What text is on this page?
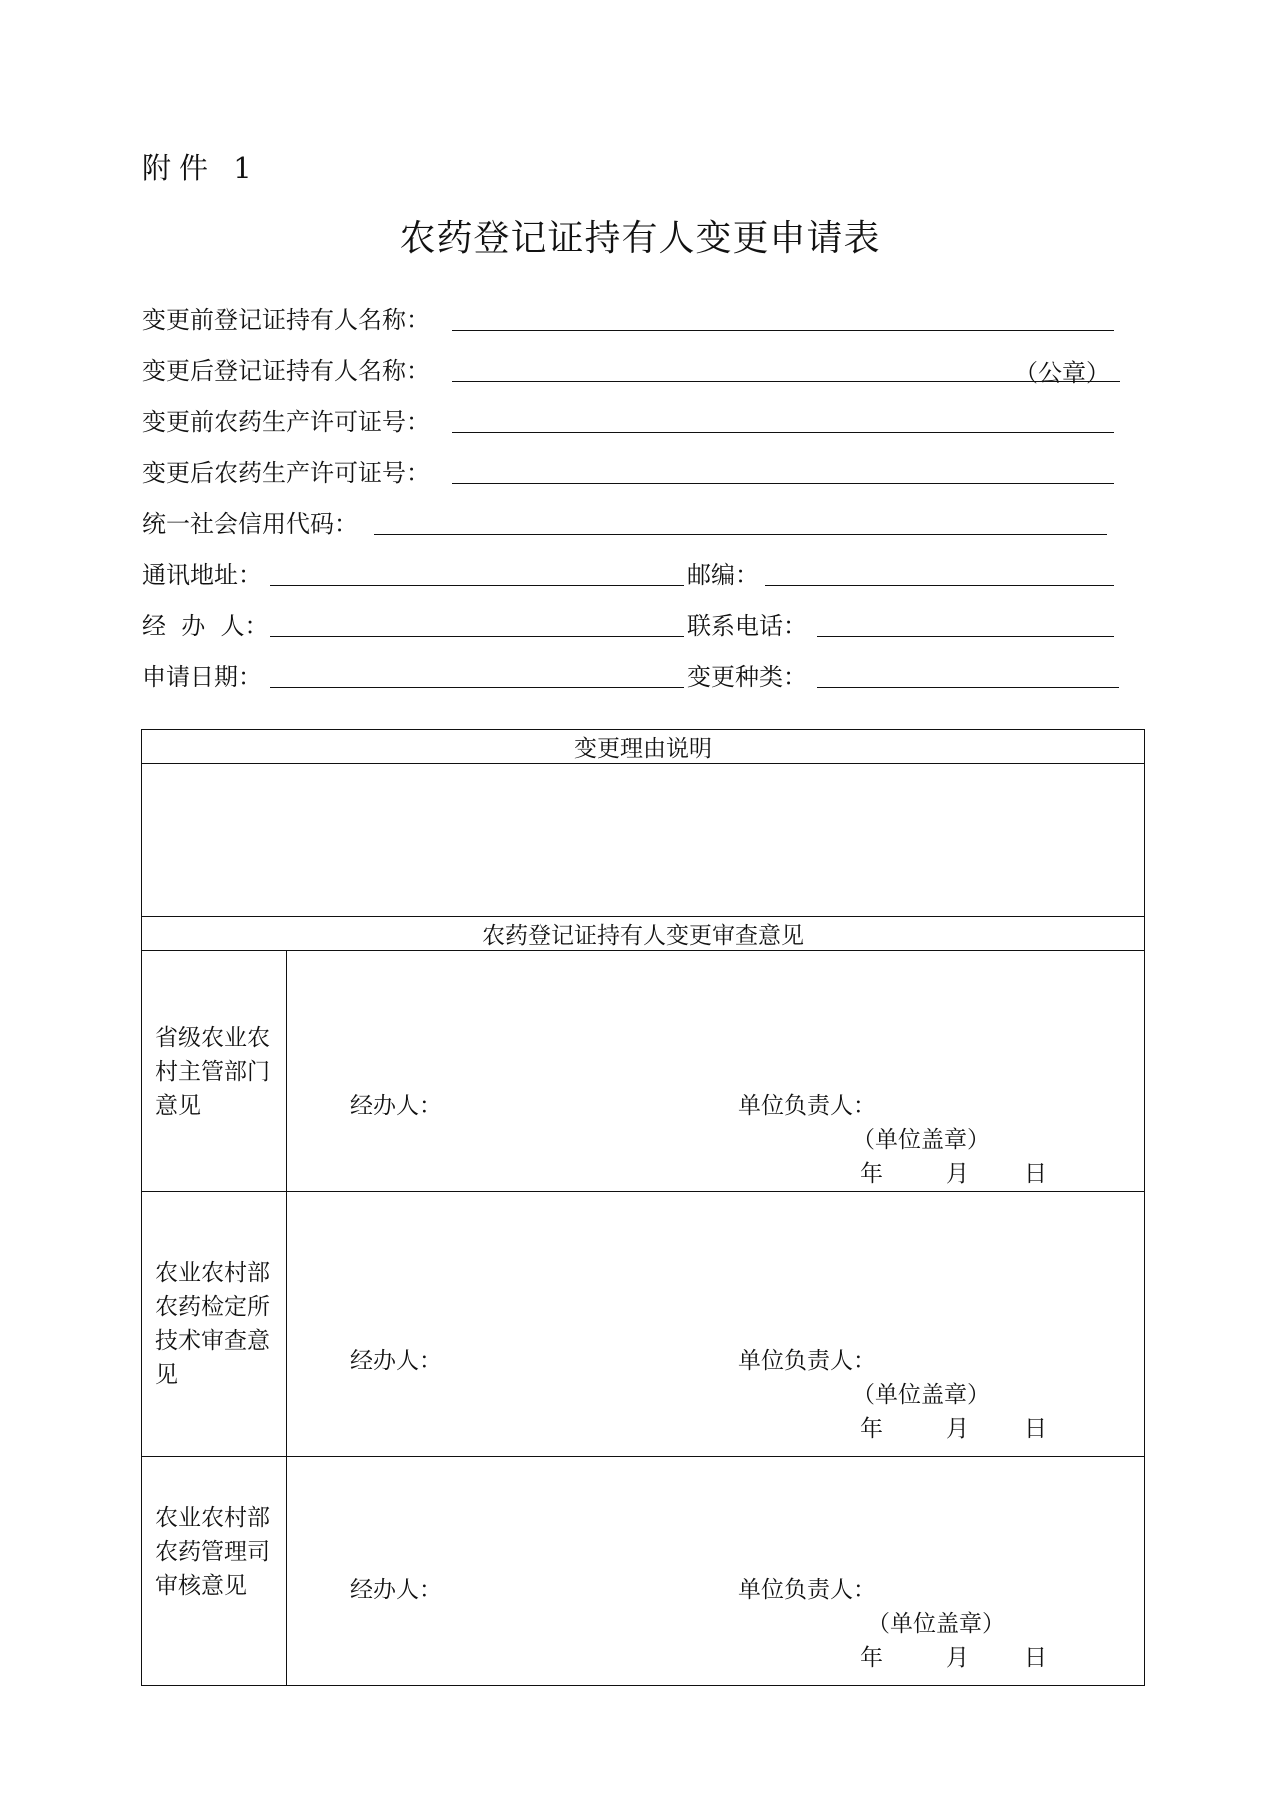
附件 1
农药登记证持有人变更申请表
变更前登记证持有人名称：
变更后登记证持有人名称：	（公章）
变更前农药生产许可证号：
变更后农药生产许可证号：
统一社会信用代码：
通讯地址：	邮编：
经  办  人：	联系电话：
申请日期：	变更种类：
变更理由说明	

农药登记证持有人变更审查意见	

省级农业农村主管部门意见	经办人： 单位负责人：
（单位盖章）
年 月 日

农业农村部农药检定所技术审查意见	经办人： 单位负责人：
（单位盖章）
年 月 日

农业农村部农药管理司审核意见	经办人： 单位负责人：
（单位盖章）
年 月 日
